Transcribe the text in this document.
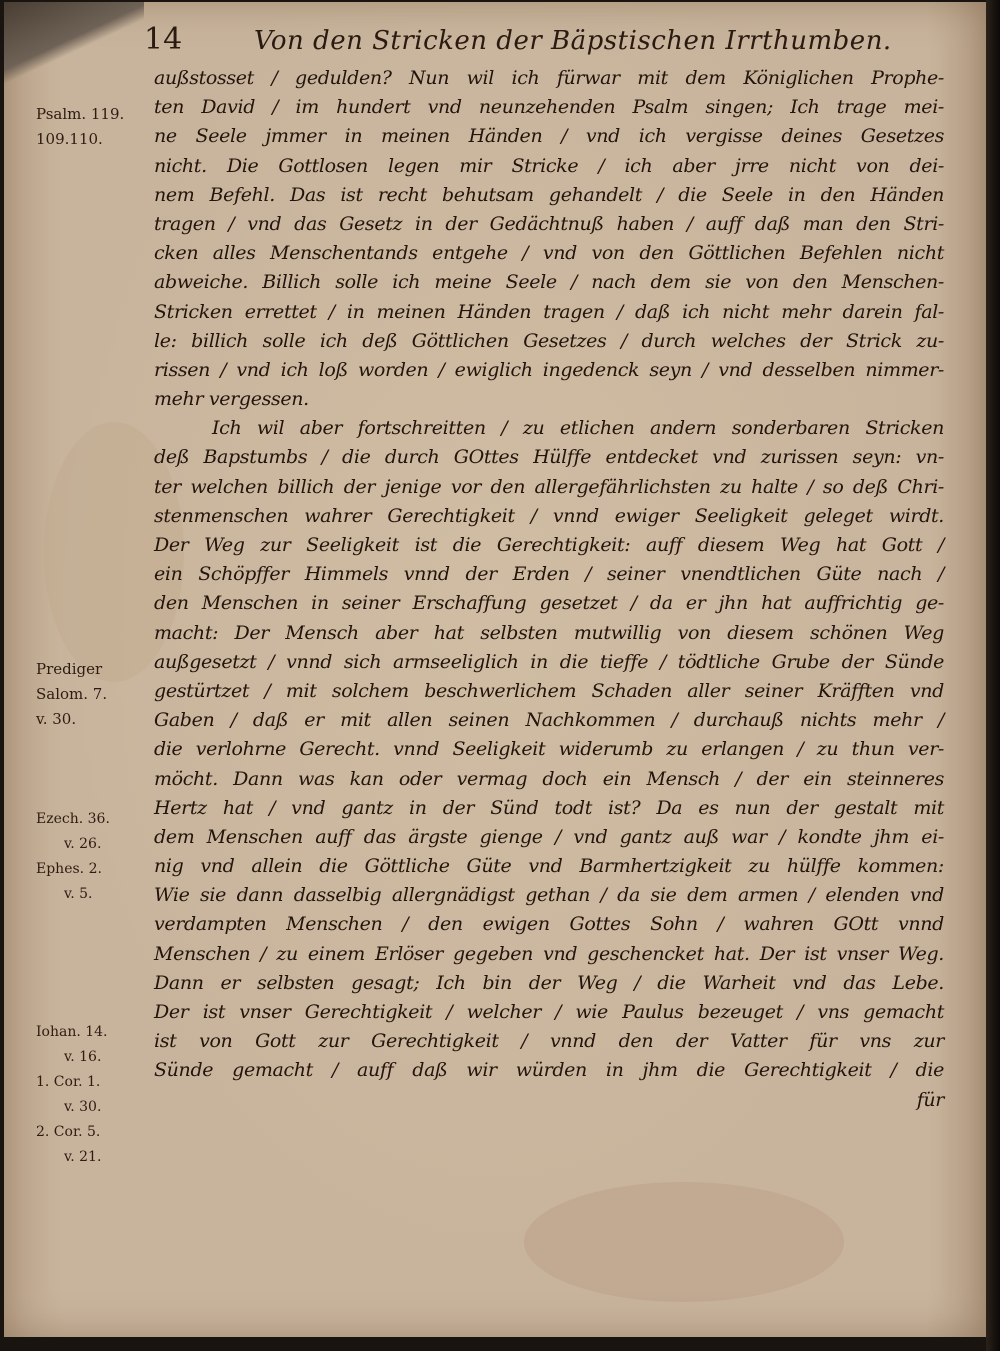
14	Von den Stricken der Bäpstischen Irrthumben.
außstosset / gedulden? Nun wil ich fürwar mit dem Königlichen Prophe-
ten David / im hundert vnd neunzehenden Psalm singen; Ich trage mei-
ne Seele jmmer in meinen Händen / vnd ich vergisse deines Gesetzes
nicht. Die Gottlosen legen mir Stricke / ich aber jrre nicht von dei-
nem Befehl. Das ist recht behutsam gehandelt / die Seele in den Händen
tragen / vnd das Gesetz in der Gedächtnuß haben / auff daß man den Stri-
cken alles Menschentands entgehe / vnd von den Göttlichen Befehlen nicht
abweiche. Billich solle ich meine Seele / nach dem sie von den Menschen-
Stricken errettet / in meinen Händen tragen / daß ich nicht mehr darein fal-
le: billich solle ich deß Göttlichen Gesetzes / durch welches der Strick zu-
rissen / vnd ich loß worden / ewiglich ingedenck seyn / vnd desselben nimmer-
mehr vergessen.
Ich wil aber fortschreitten / zu etlichen andern sonderbaren Stricken
deß Bapstumbs / die durch GOttes Hülffe entdecket vnd zurissen seyn: vn-
ter welchen billich der jenige vor den allergefährlichsten zu halte / so deß Chri-
stenmenschen wahrer Gerechtigkeit / vnnd ewiger Seeligkeit geleget wirdt.
Der Weg zur Seeligkeit ist die Gerechtigkeit: auff diesem Weg hat Gott /
ein Schöpffer Himmels vnnd der Erden / seiner vnendtlichen Güte nach /
den Menschen in seiner Erschaffung gesetzet / da er jhn hat auffrichtig ge-
macht: Der Mensch aber hat selbsten mutwillig von diesem schönen Weg
außgesetzt / vnnd sich armseeliglich in die tieffe / tödtliche Grube der Sünde
gestürtzet / mit solchem beschwerlichem Schaden aller seiner Kräfften vnd
Gaben / daß er mit allen seinen Nachkommen / durchauß nichts mehr /
die verlohrne Gerecht. vnnd Seeligkeit widerumb zu erlangen / zu thun ver-
möcht. Dann was kan oder vermag doch ein Mensch / der ein steinneres
Hertz hat / vnd gantz in der Sünd todt ist? Da es nun der gestalt mit
dem Menschen auff das ärgste gienge / vnd gantz auß war / kondte jhm ei-
nig vnd allein die Göttliche Güte vnd Barmhertzigkeit zu hülffe kommen:
Wie sie dann dasselbig allergnädigst gethan / da sie dem armen / elenden vnd
verdampten Menschen / den ewigen Gottes Sohn / wahren GOtt vnnd
Menschen / zu einem Erlöser gegeben vnd geschencket hat. Der ist vnser Weg.
Dann er selbsten gesagt; Ich bin der Weg / die Warheit vnd das Lebe.
Der ist vnser Gerechtigkeit / welcher / wie Paulus bezeuget / vns gemacht
ist von Gott zur Gerechtigkeit / vnnd den der Vatter für vns zur
Sünde gemacht / auff daß wir würden in jhm die Gerechtigkeit / die
für
Psalm. 119.
109.110.
Prediger
Salom. 7.
v. 30.
Ezech. 36.
v. 26.
Ephes. 2.
v. 5.
Iohan. 14.
v. 16.
1. Cor. 1.
v. 30.
2. Cor. 5.
v. 21.
